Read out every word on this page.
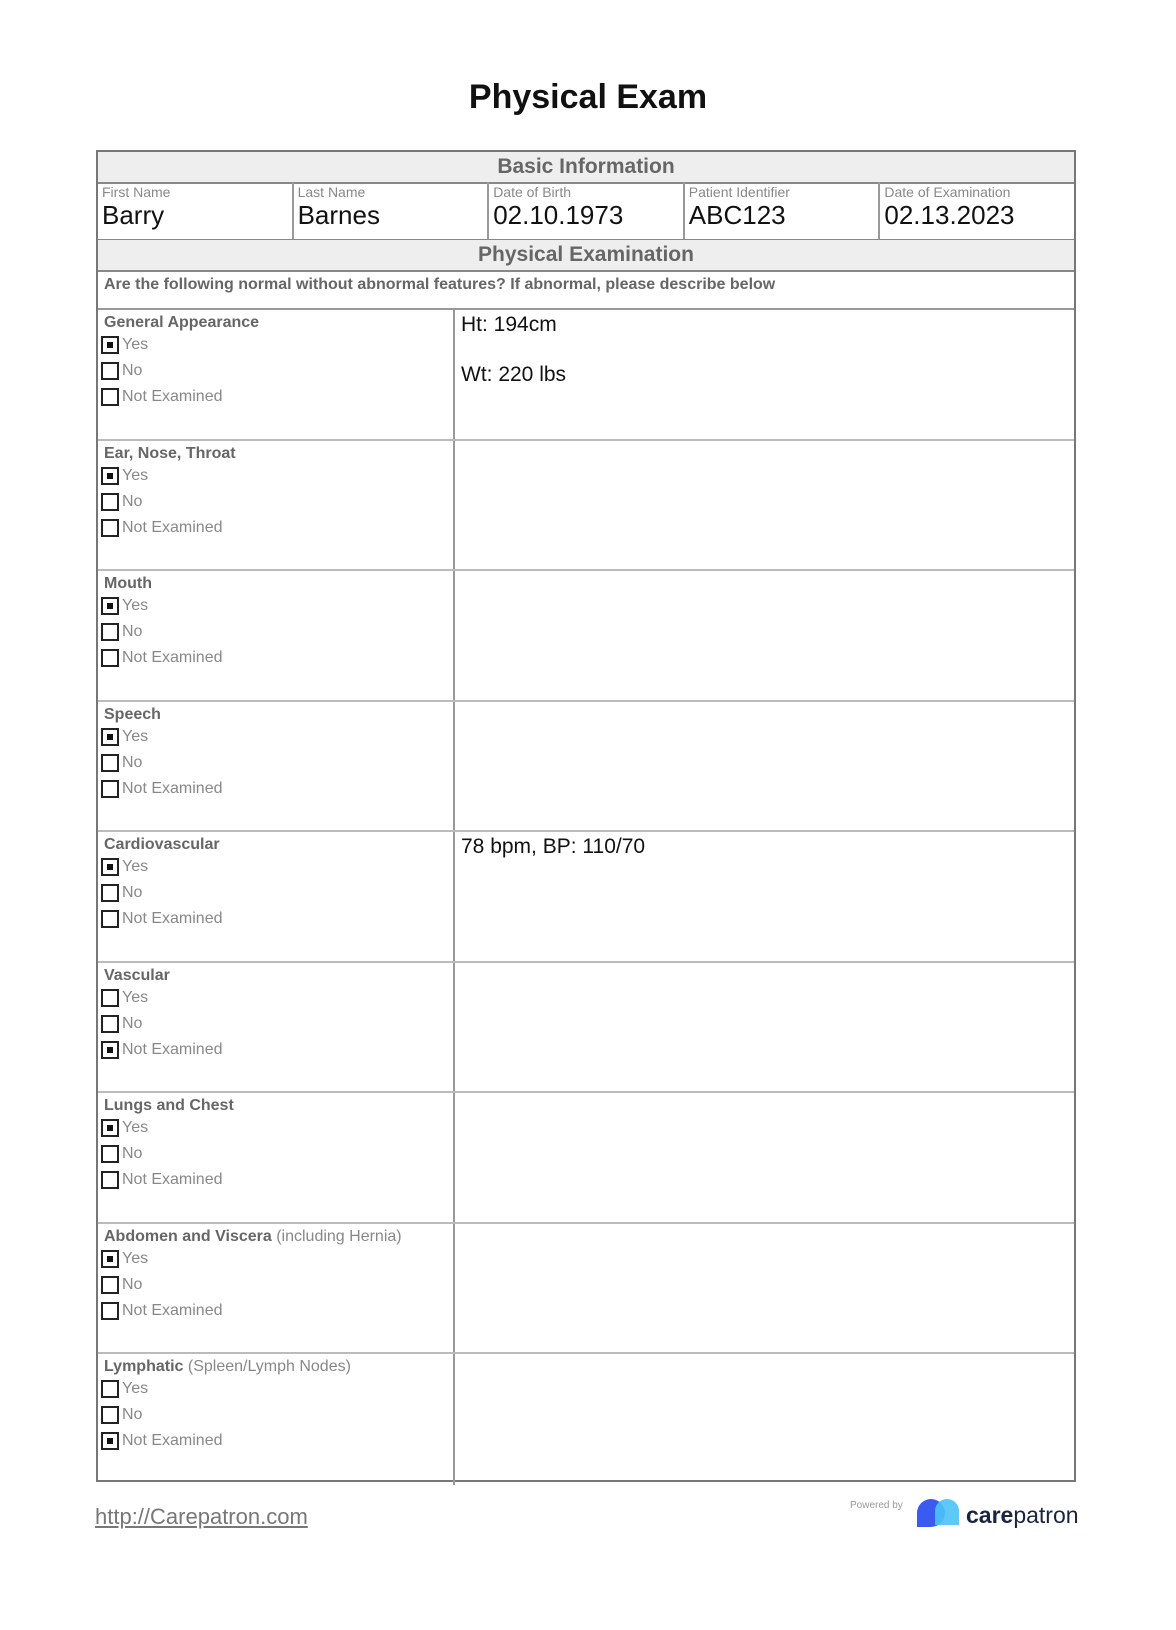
Physical Exam
Basic Information
First Name
Barry
Last Name
Barnes
Date of Birth
02.10.1973
Patient Identifier
ABC123
Date of Examination
02.13.2023
Physical Examination
Are the following normal without abnormal features? If abnormal, please describe below
General Appearance
Yes
No
Not Examined
Ht: 194cm
Wt: 220 lbs
Ear, Nose, Throat
Yes
No
Not Examined
Mouth
Yes
No
Not Examined
Speech
Yes
No
Not Examined
Cardiovascular
Yes
No
Not Examined
78 bpm, BP: 110/70
Vascular
Yes
No
Not Examined
Lungs and Chest
Yes
No
Not Examined
Abdomen and Viscera (including Hernia)
Yes
No
Not Examined
Lymphatic (Spleen/Lymph Nodes)
Yes
No
Not Examined
http://Carepatron.com	Powered by	carepatron
